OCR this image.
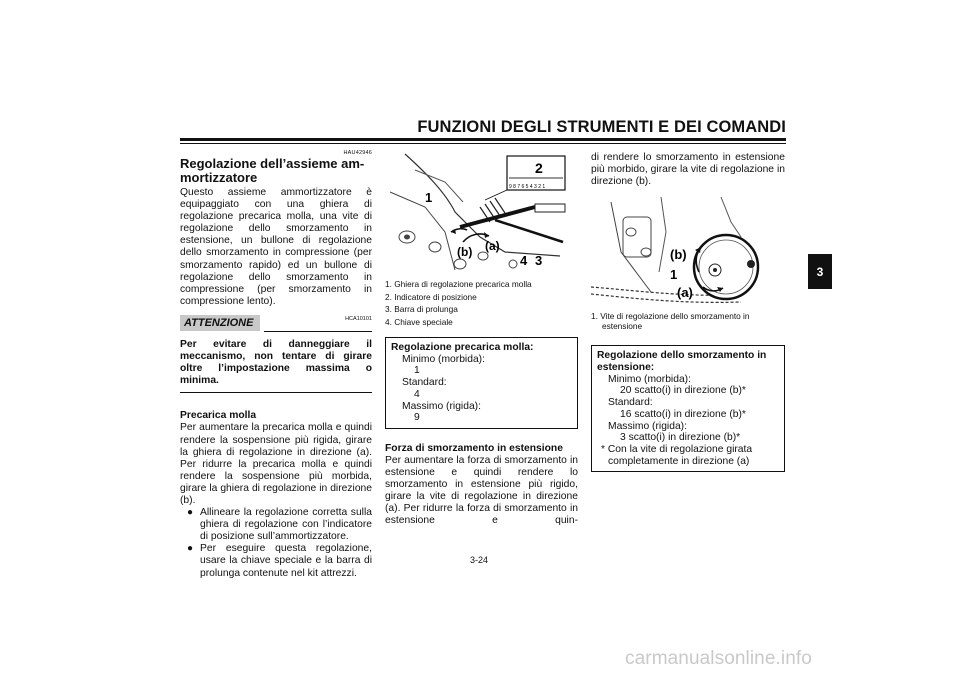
FUNZIONI DEGLI STRUMENTI E DEI COMANDI
3
HAU42946
Regolazione dell’assieme am-mortizzatore
Questo assieme ammortizzatore è equipaggiato con una ghiera di regolazione precarica molla, una vite di regolazione dello smorzamento in estensione, un bullone di regolazione dello smorzamento in compressione (per smorzamento rapido) ed un bullone di regolazione dello smorzamento in compressione (per smorzamento in compressione lento).
ATTENZIONE	HCA10101
Per evitare di danneggiare il meccanismo, non tentare di girare oltre l’impostazione massima o minima.
Precarica molla
Per aumentare la precarica molla e quindi rendere la sospensione più rigida, girare la ghiera di regolazione in direzione (a). Per ridurre la precarica molla e quindi rendere la sospensione più morbida, girare la ghiera di regolazione in direzione (b).
● Allineare la regolazione corretta sulla ghiera di regolazione con l’indicatore di posizione sull’ammortizzatore.
● Per eseguire questa regolazione, usare la chiave speciale e la barra di prolunga contenute nel kit attrezzi.
9 8 7 6 5 4 3 2 1
1
2
3
4
(a)
(b)
1. Ghiera di regolazione precarica molla
2. Indicatore di posizione
3. Barra di prolunga
4. Chiave speciale
Regolazione precarica molla:
Minimo (morbida):
1
Standard:
4
Massimo (rigida):
9
Forza di smorzamento in estensione
Per aumentare la forza di smorzamento in estensione e quindi rendere lo smorzamento in estensione più rigido, girare la vite di regolazione in direzione (a). Per ridurre la forza di smorzamento in estensione e quin-
di rendere lo smorzamento in estensione più morbido, girare la vite di regolazione in direzione (b).
(b)
1
(a)
1. Vite di regolazione dello smorzamento in
estensione
Regolazione dello smorzamento in
estensione:
Minimo (morbida):
20 scatto(i) in direzione (b)*
Standard:
16 scatto(i) in direzione (b)*
Massimo (rigida):
3 scatto(i) in direzione (b)*
* Con la vite di regolazione girata
completamente in direzione (a)
3-24
carmanualsonline.info
